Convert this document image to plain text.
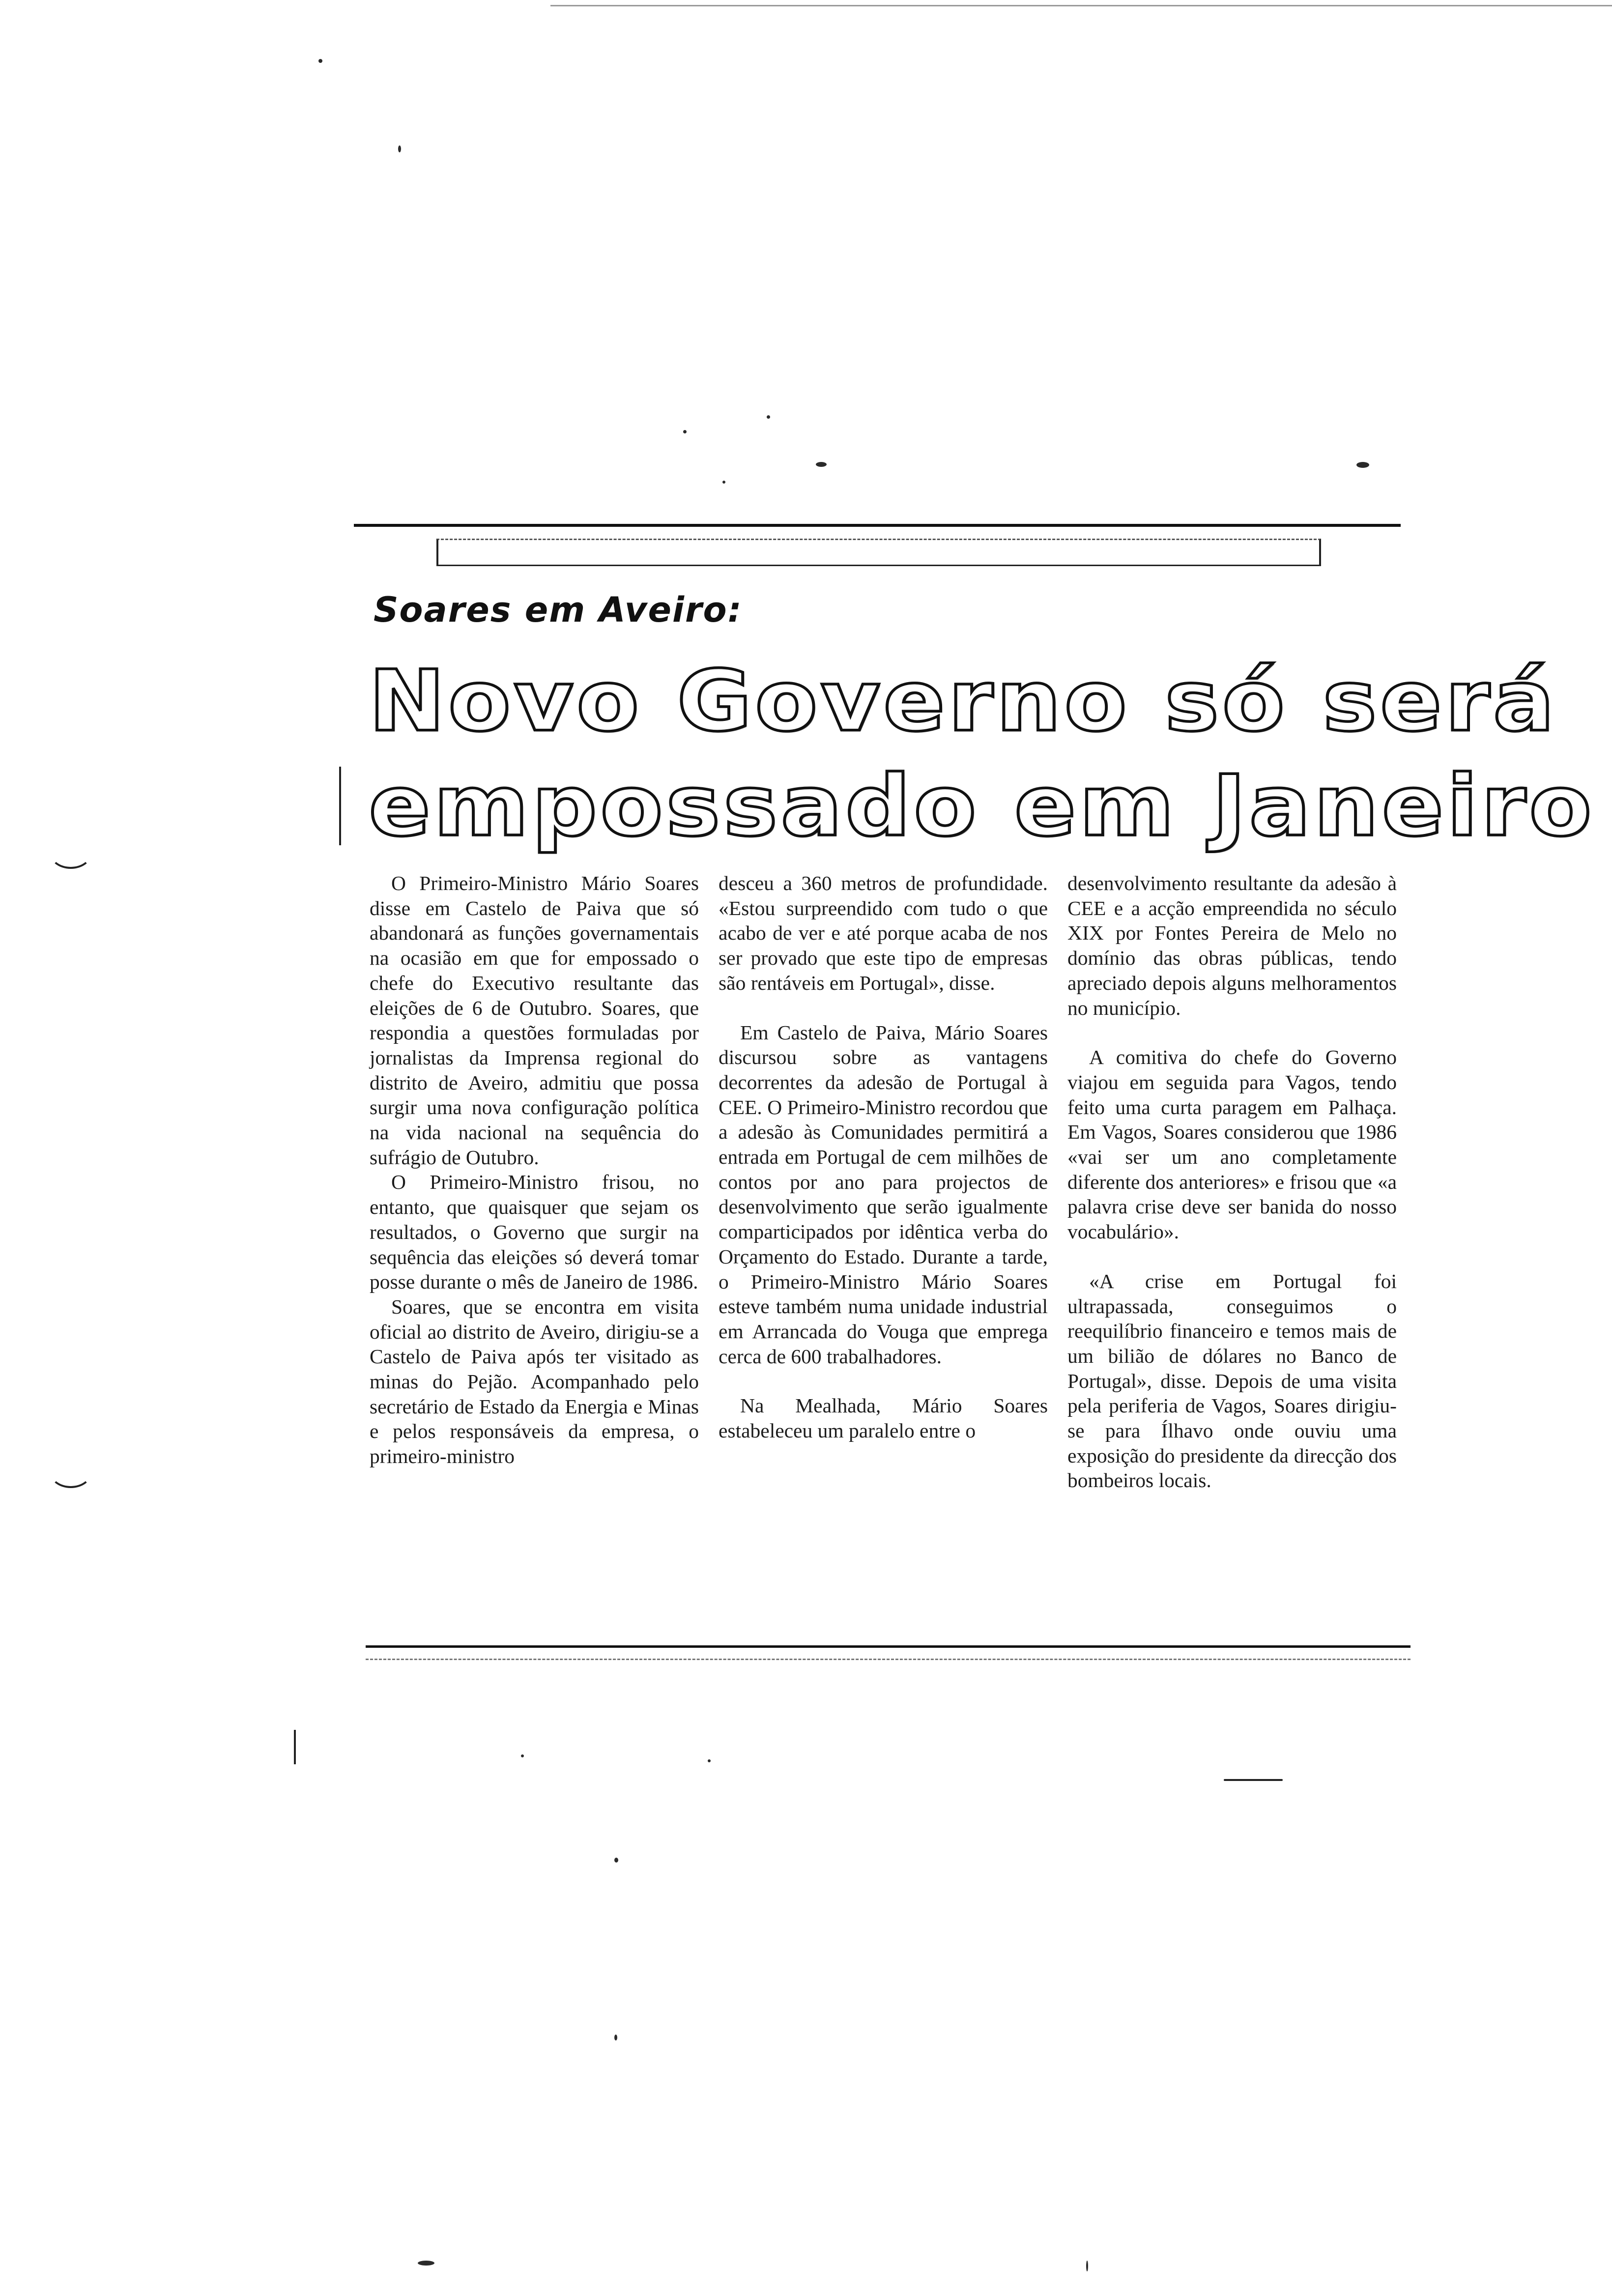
Soares em Aveiro:
Novo Governo só será
empossado em Janeiro

O Primeiro-Ministro Mário Soares disse em Castelo de Paiva que só abandonará as funções governamentais na ocasião em que for empossado o chefe do Executivo resultante das eleições de 6 de Outubro. Soares, que respondia a questões formuladas por jornalistas da Imprensa regional do distrito de Aveiro, admitiu que possa surgir uma nova configuração política na vida nacional na sequência do sufrágio de Outubro.

O Primeiro-Ministro frisou, no entanto, que quaisquer que sejam os resultados, o Governo que surgir na sequência das eleições só deverá tomar posse durante o mês de Janeiro de 1986.

Soares, que se encontra em visita oficial ao distrito de Aveiro, dirigiu-se a Castelo de Paiva após ter visitado as minas do Pejão. Acompanhado pelo secretário de Estado da Energia e Minas e pelos responsáveis da empresa, o primeiro-ministro

desceu a 360 metros de profundidade. «Estou surpreendido com tudo o que acabo de ver e até porque acaba de nos ser provado que este tipo de empresas são rentáveis em Portugal», disse.

Em Castelo de Paiva, Mário Soares discursou sobre as vantagens decorrentes da adesão de Portugal à CEE. O Primeiro-Ministro recordou que a adesão às Comunidades permitirá a entrada em Portugal de cem milhões de contos por ano para projectos de desenvolvimento que serão igualmente comparticipados por idêntica verba do Orçamento do Estado. Durante a tarde, o Primeiro-Ministro Mário Soares esteve também numa unidade industrial em Arrancada do Vouga que emprega cerca de 600 trabalhadores.

Na Mealhada, Mário Soares estabeleceu um paralelo entre o

desenvolvimento resultante da adesão à CEE e a acção empreendida no século XIX por Fontes Pereira de Melo no domínio das obras públicas, tendo apreciado depois alguns melhoramentos no município.

A comitiva do chefe do Governo viajou em seguida para Vagos, tendo feito uma curta paragem em Palhaça. Em Vagos, Soares considerou que 1986 «vai ser um ano completamente diferente dos anteriores» e frisou que «a palavra crise deve ser banida do nosso vocabulário».

«A crise em Portugal foi ultrapassada, conseguimos o reequilíbrio financeiro e temos mais de um bilião de dólares no Banco de Portugal», disse. Depois de uma visita pela periferia de Vagos, Soares dirigiu-se para Ílhavo onde ouviu uma exposição do presidente da direcção dos bombeiros locais.
